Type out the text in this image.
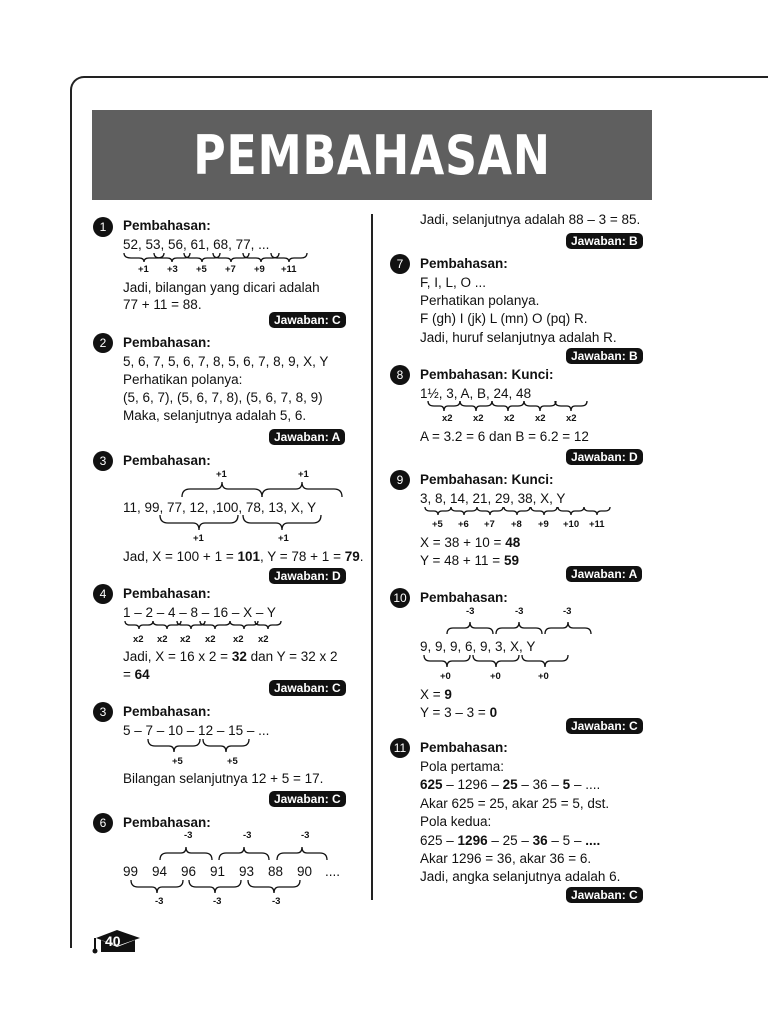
PEMBAHASAN
1	Pembahasan:
52, 53, 56, 61, 68, 77, ...
+1 +3 +5 +7 +9 +11
Jadi, bilangan yang dicari adalah
77 + 11 = 88.
Jawaban: C
2	Pembahasan:
5, 6, 7, 5, 6, 7, 8, 5, 6, 7, 8, 9, X, Y
Perhatikan polanya:
(5, 6, 7), (5, 6, 7, 8), (5, 6, 7, 8, 9)
Maka, selanjutnya adalah 5, 6.
Jawaban: A
3	Pembahasan:
+1	+1
11, 99, 77, 12, ,100, 78, 13, X, Y
+1	+1
Jad, X = 100 + 1 = 101, Y = 78 + 1 = 79.
Jawaban: D
4	Pembahasan:
1 – 2 – 4 – 8 – 16 – X – Y
x2 x2 x2 x2 x2 x2
Jadi, X = 16 x 2 = 32 dan Y = 32 x 2
= 64
Jawaban: C
3	Pembahasan:
5 – 7 – 10 – 12 – 15 – ...
+5	+5
Bilangan selanjutnya 12 + 5 = 17.
Jawaban: C
6	Pembahasan:
-3	-3	-3
99 94 96 91 93 88 90 ....
-3	-3	-3
Jadi, selanjutnya adalah 88 – 3 = 85.
Jawaban: B
7	Pembahasan:
F, I, L, O ...
Perhatikan polanya.
F (gh) I (jk) L (mn) O (pq) R.
Jadi, huruf selanjutnya adalah R.
Jawaban: B
8	Pembahasan: Kunci:
1½, 3, A, B, 24, 48
x2 x2 x2 x2 x2
A = 3.2 = 6 dan B = 6.2 = 12
Jawaban: D
9	Pembahasan: Kunci:
3, 8, 14, 21, 29, 38, X, Y
+5 +6 +7 +8 +9 +10 +11
X = 38 + 10 = 48
Y = 48 + 11 = 59
Jawaban: A
10 Pembahasan:
-3	-3	-3
9, 9, 9, 6, 9, 3, X, Y
+0	+0	+0
X = 9
Y = 3 – 3 = 0
Jawaban: C
11 Pembahasan:
Pola pertama:
625 – 1296 – 25 – 36 – 5 – ....
Akar 625 = 25, akar 25 = 5, dst.
Pola kedua:
625 – 1296 – 25 – 36 – 5 – ....
Akar 1296 = 36, akar 36 = 6.
Jadi, angka selanjutnya adalah 6.
Jawaban: C
40
